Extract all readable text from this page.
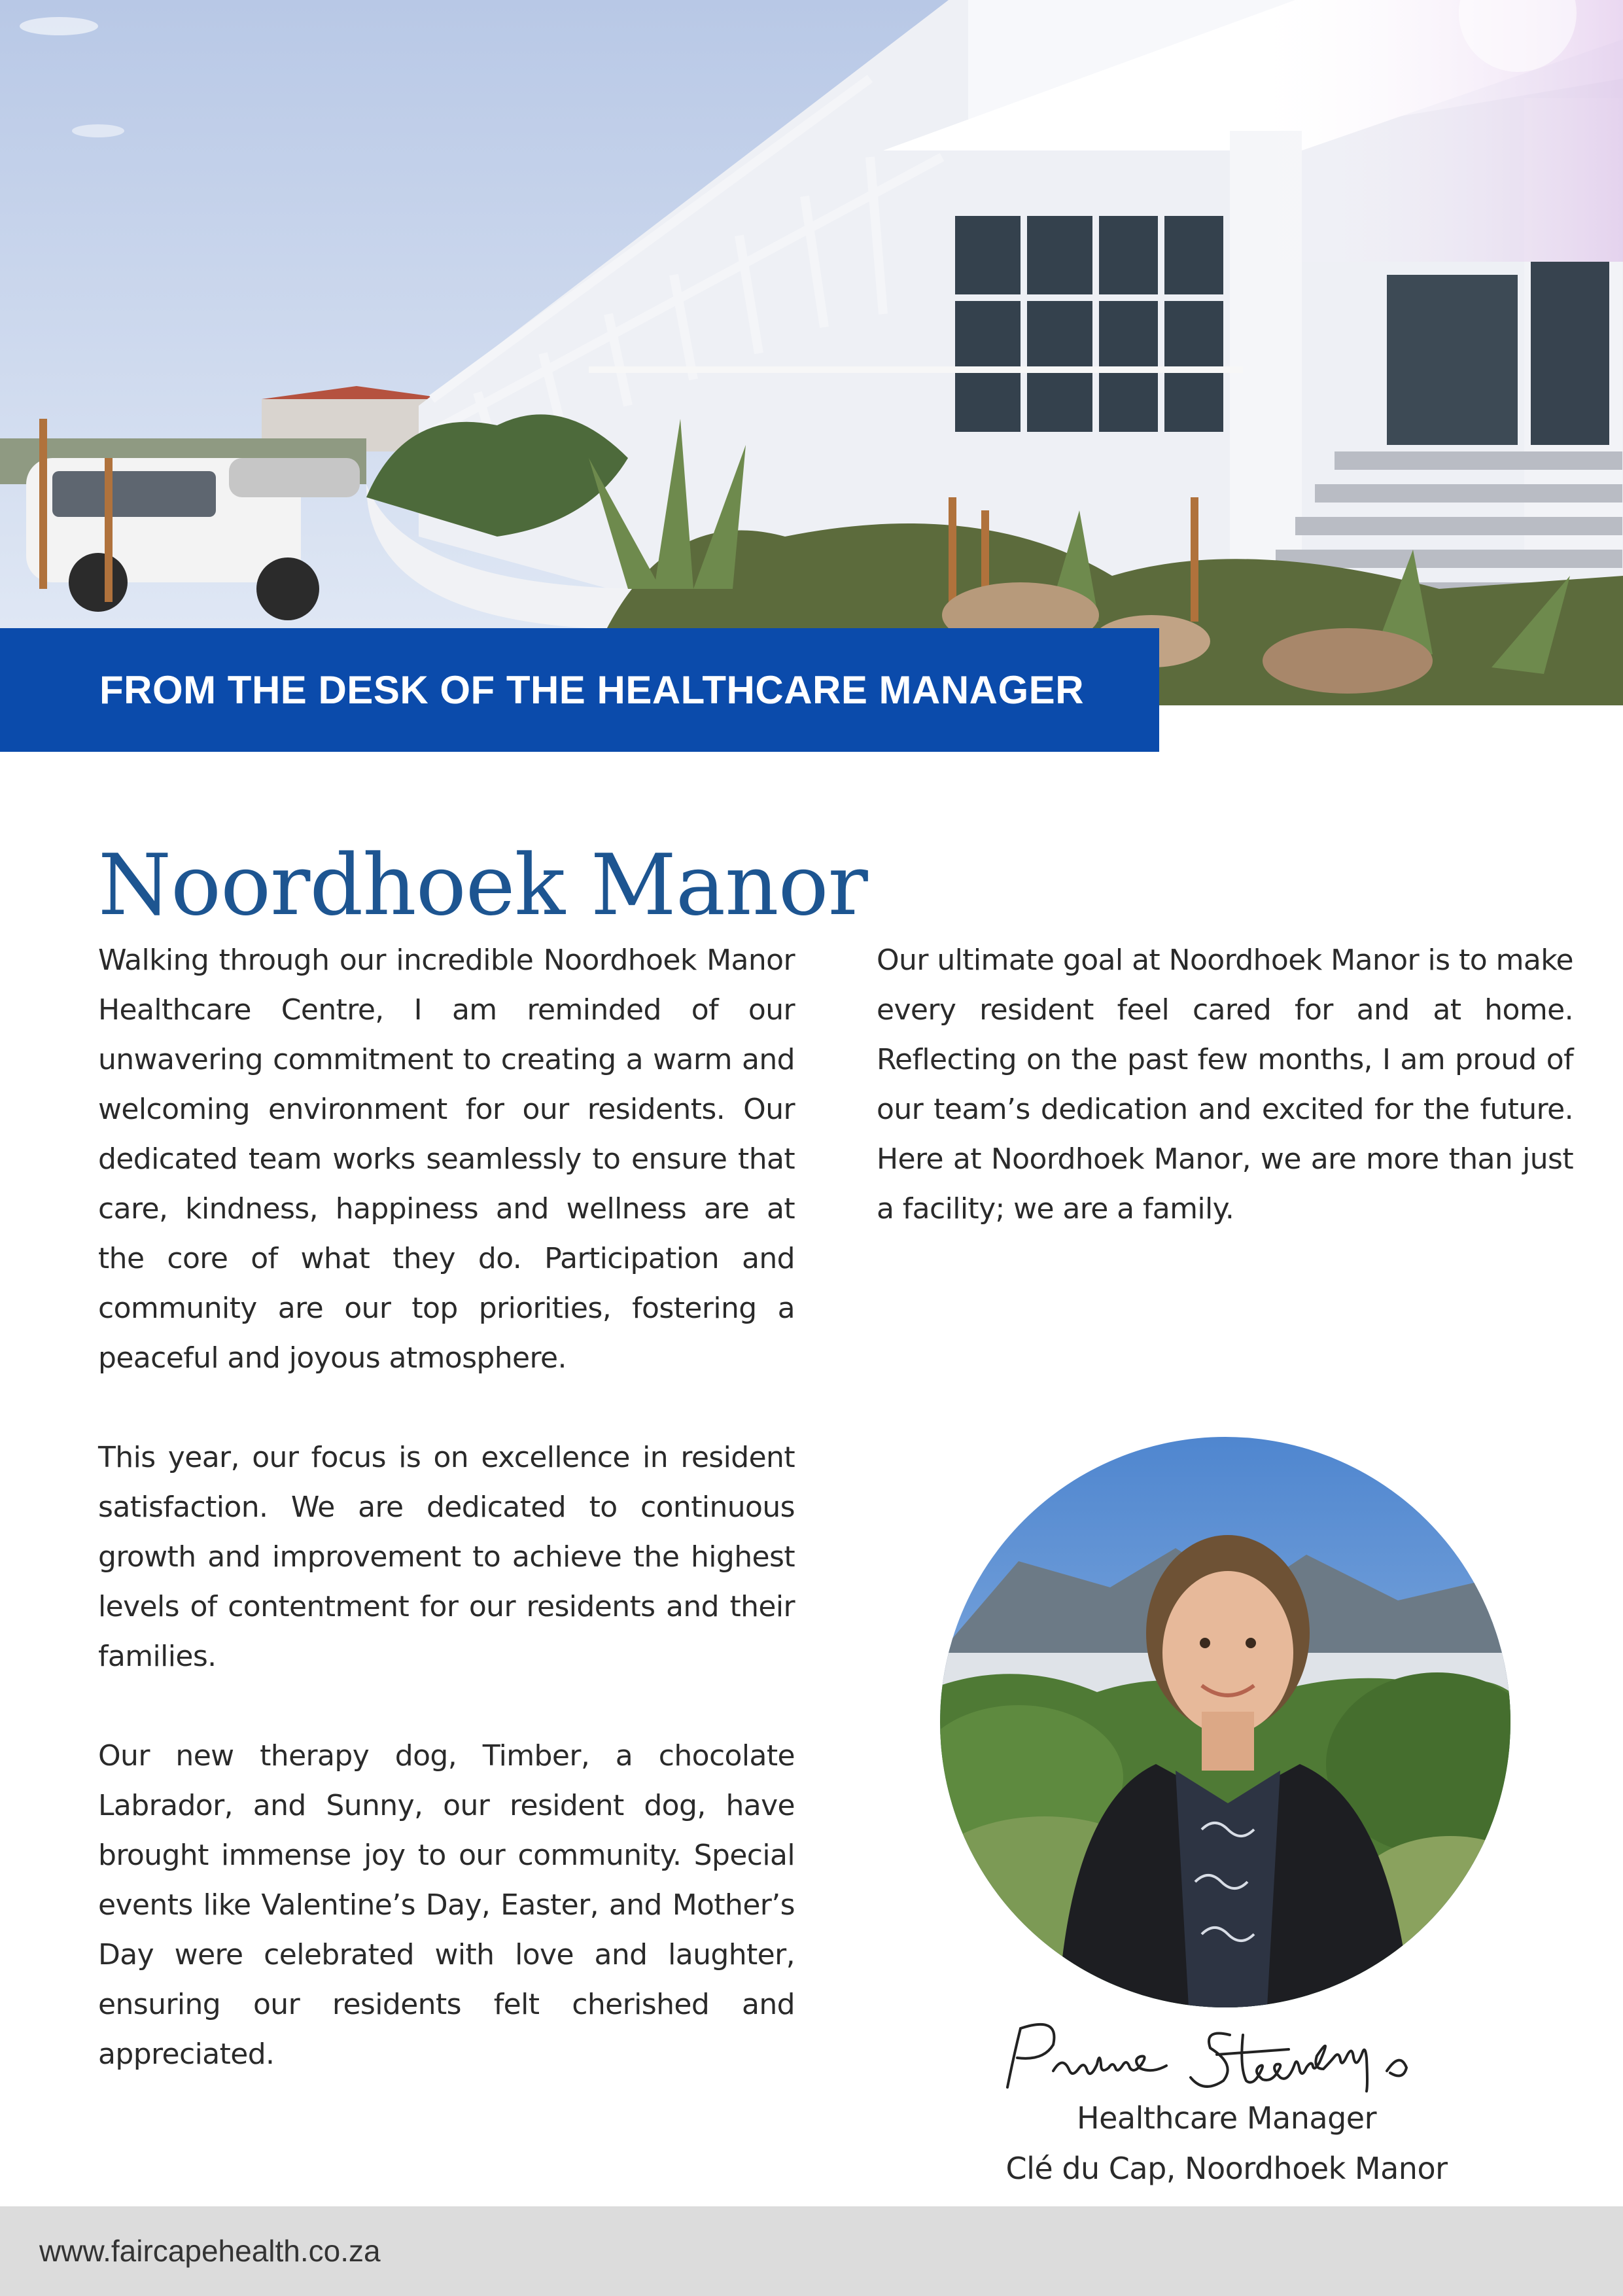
FROM THE DESK OF THE HEALTHCARE MANAGER
Noordhoek Manor

Walking through our incredible Noordhoek Manor Healthcare Centre, I am reminded of our unwavering commitment to creating a warm and welcoming environment for our residents. Our dedicated team works seamlessly to ensure that care, kindness, happiness and wellness are at the core of what they do. Participation and community are our top priorities, fostering a peaceful and joyous atmosphere.

This year, our focus is on excellence in resident satisfaction. We are dedicated to continuous growth and improvement to achieve the highest levels of contentment for our residents and their families.

Our new therapy dog, Timber, a chocolate Labrador, and Sunny, our resident dog, have brought immense joy to our community. Special events like Valentine’s Day, Easter, and Mother’s Day were celebrated with love and laughter, ensuring our residents felt cherished and appreciated.

Our ultimate goal at Noordhoek Manor is to make every resident feel cared for and at home. Reflecting on the past few months, I am proud of our team’s dedication and excited for the future. Here at Noordhoek Manor, we are more than just a facility; we are a family.

Healthcare Manager
Clé du Cap, Noordhoek Manor
www.faircapehealth.co.za
